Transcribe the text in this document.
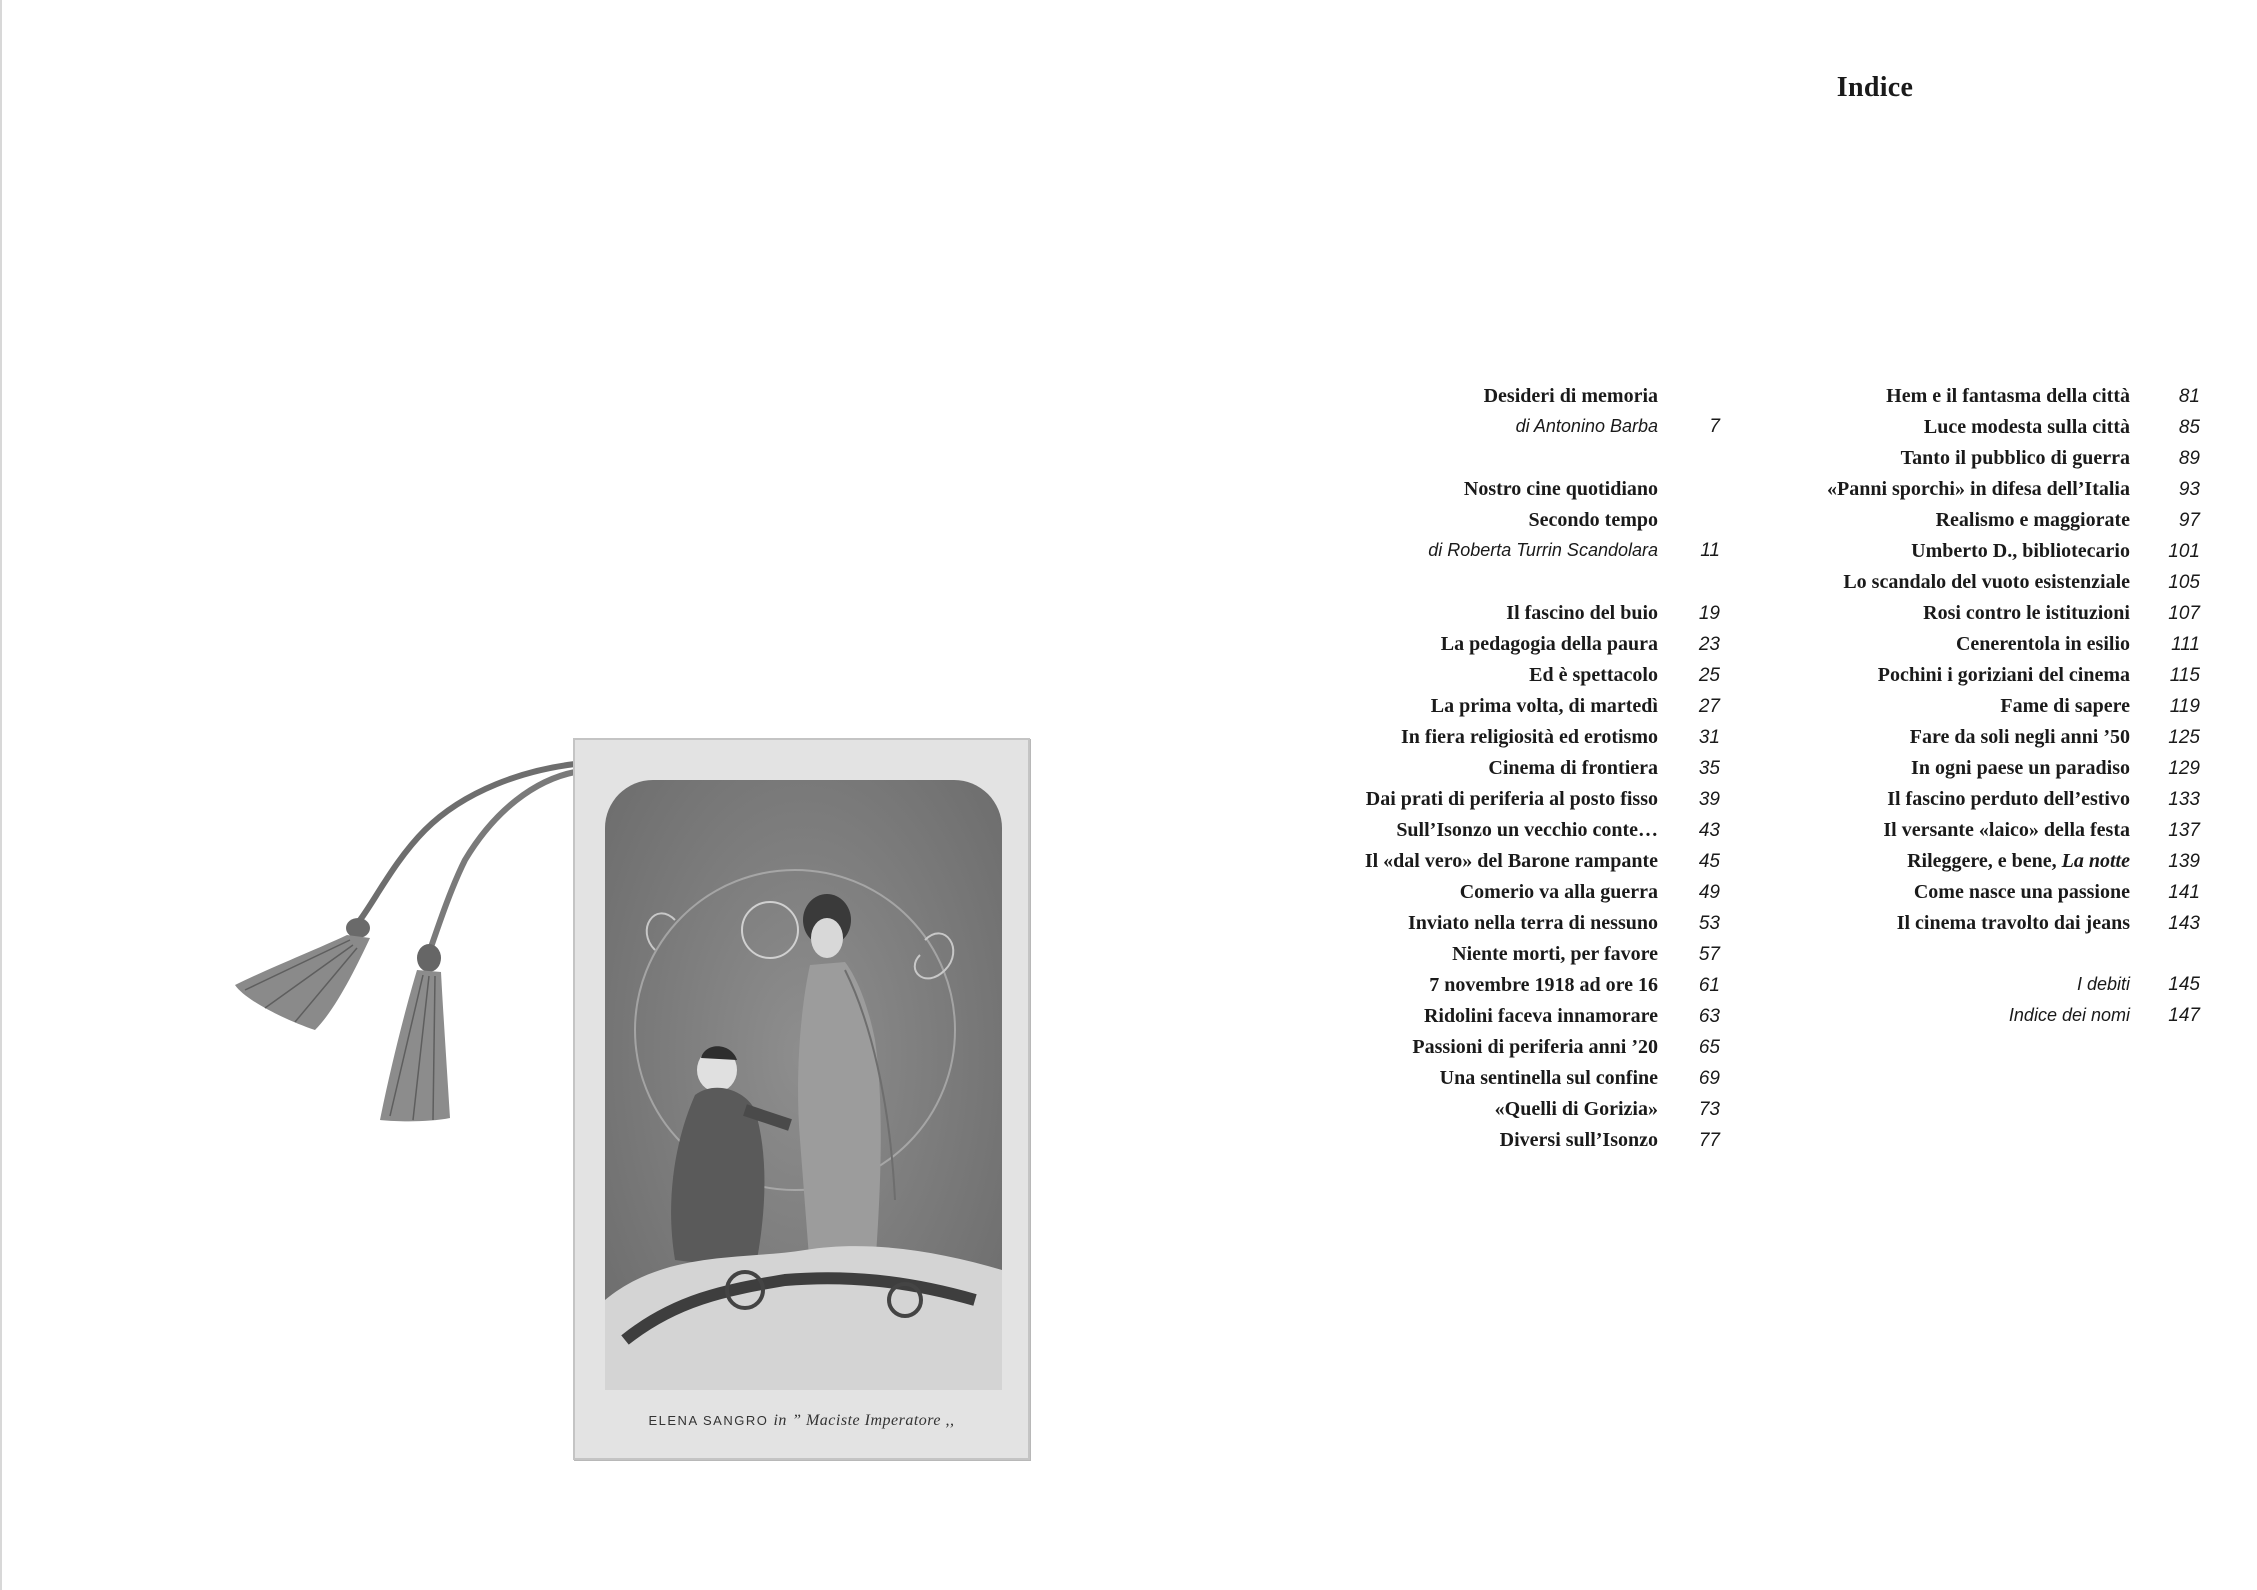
Indice
Desideri di memoria
di Antonino Barba	7
Nostro cine quotidiano
Secondo tempo
di Roberta Turrin Scandolara	11
Il fascino del buio	19
La pedagogia della paura	23
Ed è spettacolo	25
La prima volta, di martedì	27
In fiera religiosità ed erotismo	31
Cinema di frontiera	35
Dai prati di periferia al posto fisso	39
Sull’Isonzo un vecchio conte…	43
Il «dal vero» del Barone rampante	45
Comerio va alla guerra	49
Inviato nella terra di nessuno	53
Niente morti, per favore	57
7 novembre 1918 ad ore 16	61
Ridolini faceva innamorare	63
Passioni di periferia anni ’20	65
Una sentinella sul confine	69
«Quelli di Gorizia»	73
Diversi sull’Isonzo	77
Hem e il fantasma della città	81
Luce modesta sulla città	85
Tanto il pubblico di guerra	89
«Panni sporchi» in difesa dell’Italia	93
Realismo e maggiorate	97
Umberto D., bibliotecario	101
Lo scandalo del vuoto esistenziale	105
Rosi contro le istituzioni	107
Cenerentola in esilio	111
Pochini i goriziani del cinema	115
Fame di sapere	119
Fare da soli negli anni ’50	125
In ogni paese un paradiso	129
Il fascino perduto dell’estivo	133
Il versante «laico» della festa	137
Rileggere, e bene, La notte	139
Come nasce una passione	141
Il cinema travolto dai jeans	143
I debiti	145
Indice dei nomi	147
ELENA SANGRO in ” Maciste Imperatore ,,
